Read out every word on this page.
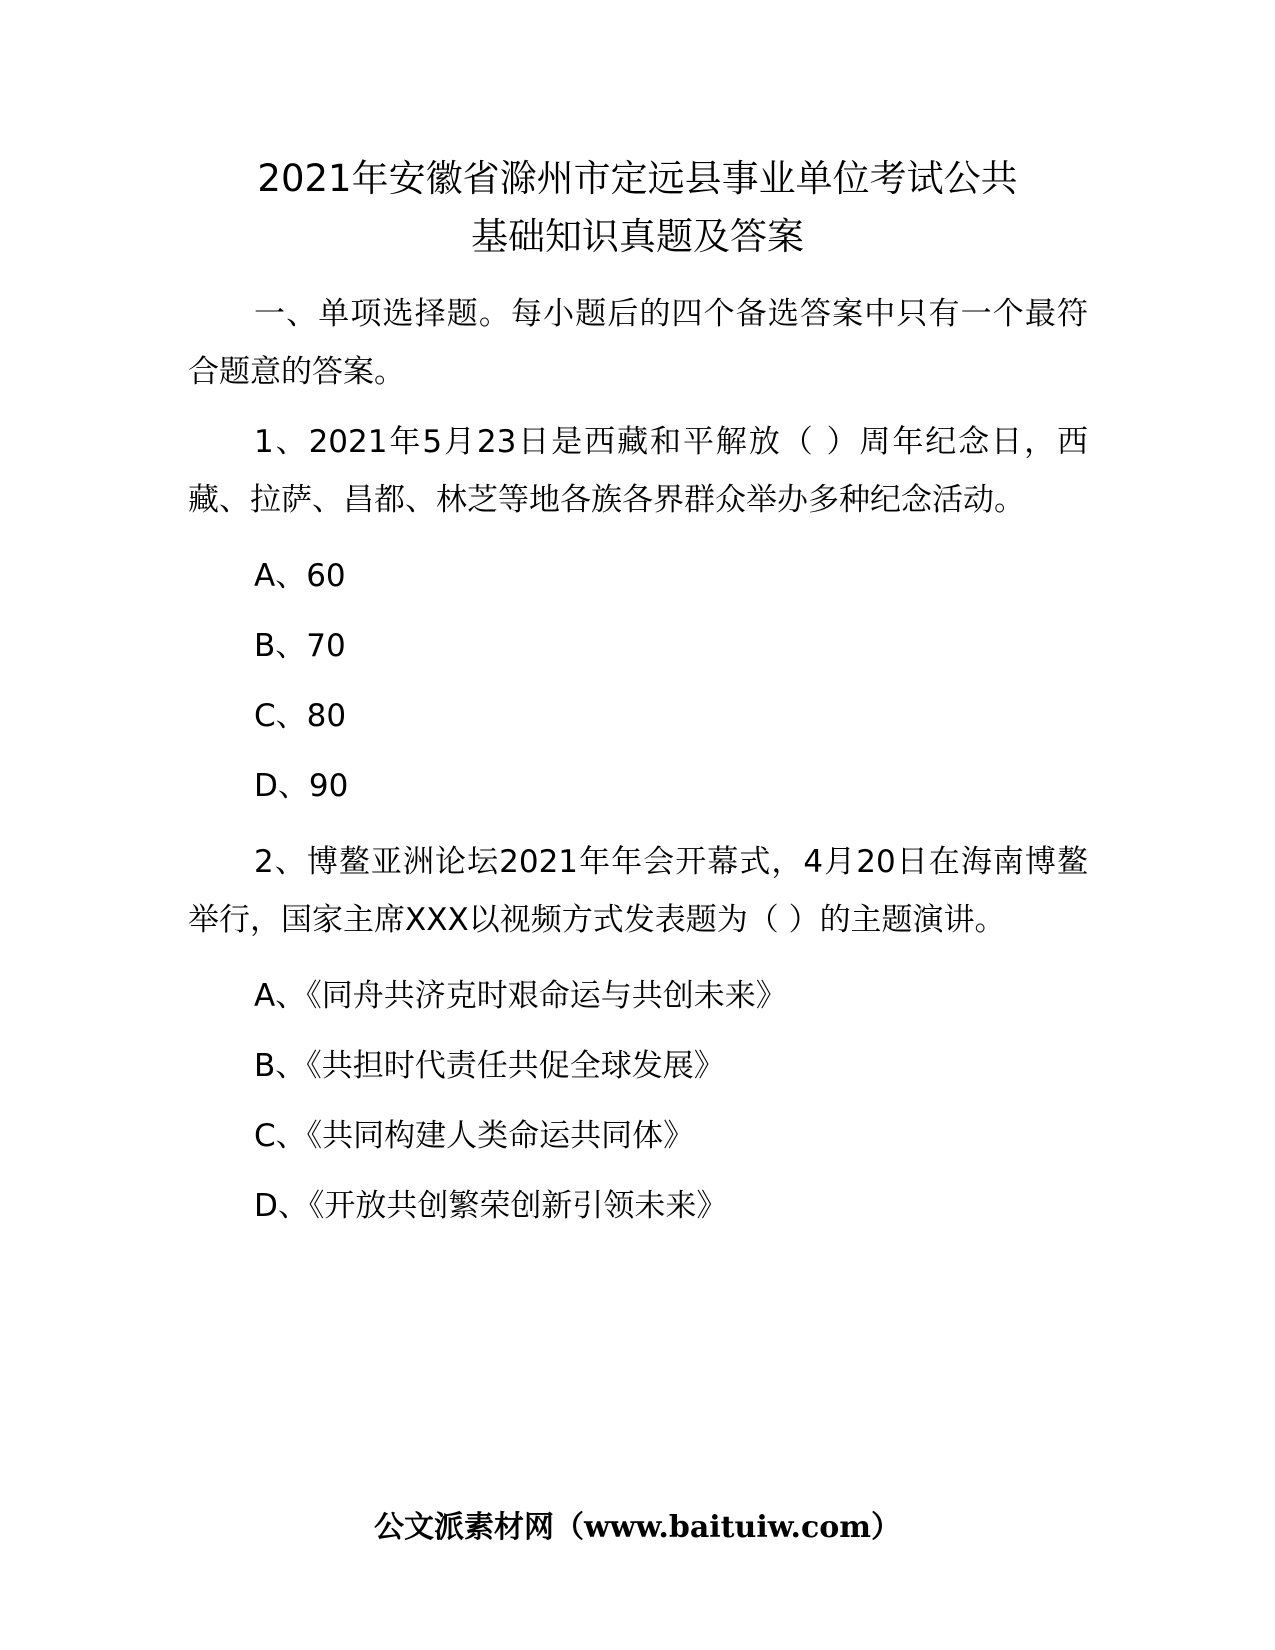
2021年安徽省滁州市定远县事业单位考试公共
基础知识真题及答案

一、单项选择题。每小题后的四个备选答案中只有一个最符合题意的答案。

1、2021年5月23日是西藏和平解放（ ）周年纪念日，西藏、拉萨、昌都、林芝等地各族各界群众举办多种纪念活动。

A、60

B、70

C、80

D、90

2、博鳌亚洲论坛2021年年会开幕式，4月20日在海南博鳌举行，国家主席XXX以视频方式发表题为（ ）的主题演讲。

A、《同舟共济克时艰命运与共创未来》

B、《共担时代责任共促全球发展》

C、《共同构建人类命运共同体》

D、《开放共创繁荣创新引领未来》

公文派素材网（www.baituiw.com）
